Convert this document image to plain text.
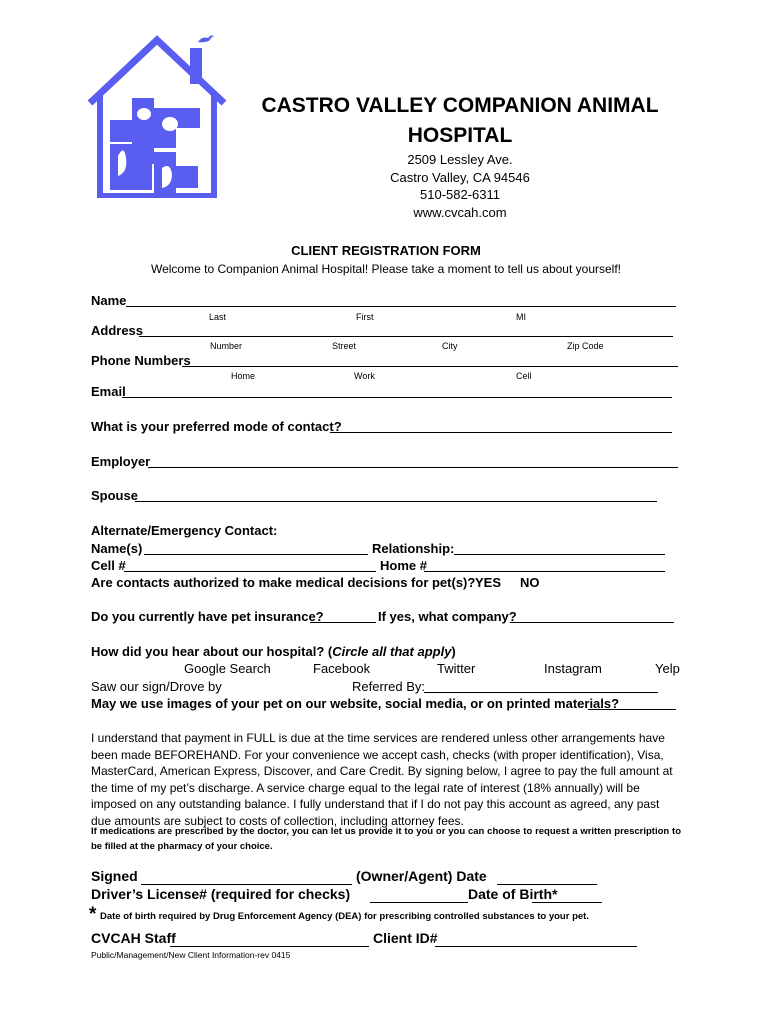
CASTRO VALLEY COMPANION ANIMAL
HOSPITAL
2509 Lessley Ave.
Castro Valley, CA 94546
510-582-6311
www.cvcah.com
CLIENT REGISTRATION FORM
Welcome to Companion Animal Hospital! Please take a moment to tell us about yourself!
Name
Last	First	MI
Address
Number	Street	City	Zip Code
Phone Numbers
Home	Work	Cell
Email
What is your preferred mode of contact?
Employer
Spouse
Alternate/Emergency Contact:
Name(s)	Relationship:
Cell #	Home #
Are contacts authorized to make medical decisions for pet(s)? YES NO
Do you currently have pet insurance?	If yes, what company?
How did you hear about our hospital? (Circle all that apply)
Google Search	Facebook	Twitter	Instagram	Yelp
Saw our sign/Drove by	Referred By:
May we use images of your pet on our website, social media, or on printed materials?
I understand that payment in FULL is due at the time services are rendered unless other arrangements have been made BEFOREHAND. For your convenience we accept cash, checks (with proper identification), Visa, MasterCard, American Express, Discover, and Care Credit. By signing below, I agree to pay the full amount at the time of my pet’s discharge. A service charge equal to the legal rate of interest (18% annually) will be imposed on any outstanding balance. I fully understand that if I do not pay this account as agreed, any past due amounts are subject to costs of collection, including attorney fees.
If medications are prescribed by the doctor, you can let us provide it to you or you can choose to request a written prescription to be filled at the pharmacy of your choice.
Signed	(Owner/Agent) Date
Driver’s License# (required for checks)	Date of Birth*
* Date of birth required by Drug Enforcement Agency (DEA) for prescribing controlled substances to your pet.
CVCAH Staff	Client ID#
Public/Management/New Client Information-rev 0415
